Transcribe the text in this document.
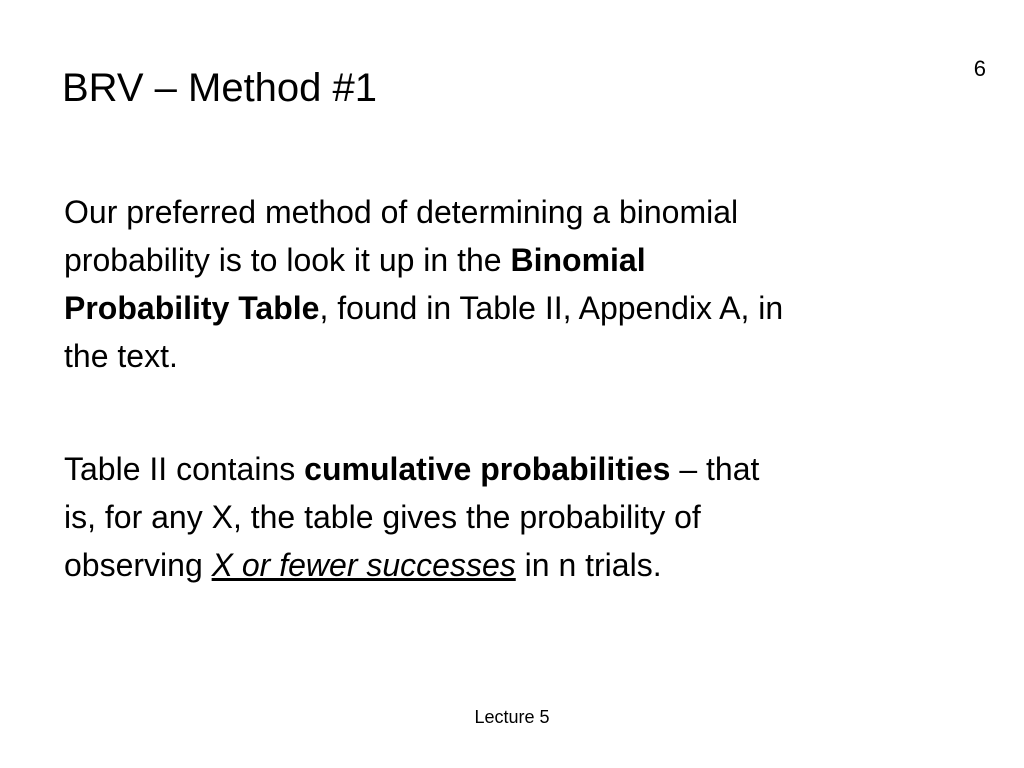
6
BRV – Method #1

Our preferred method of determining a binomial
probability is to look it up in the Binomial
Probability Table, found in Table II, Appendix A, in
the text.

Table II contains cumulative probabilities – that
is, for any X, the table gives the probability of
observing X or fewer successes in n trials.

Lecture 5
